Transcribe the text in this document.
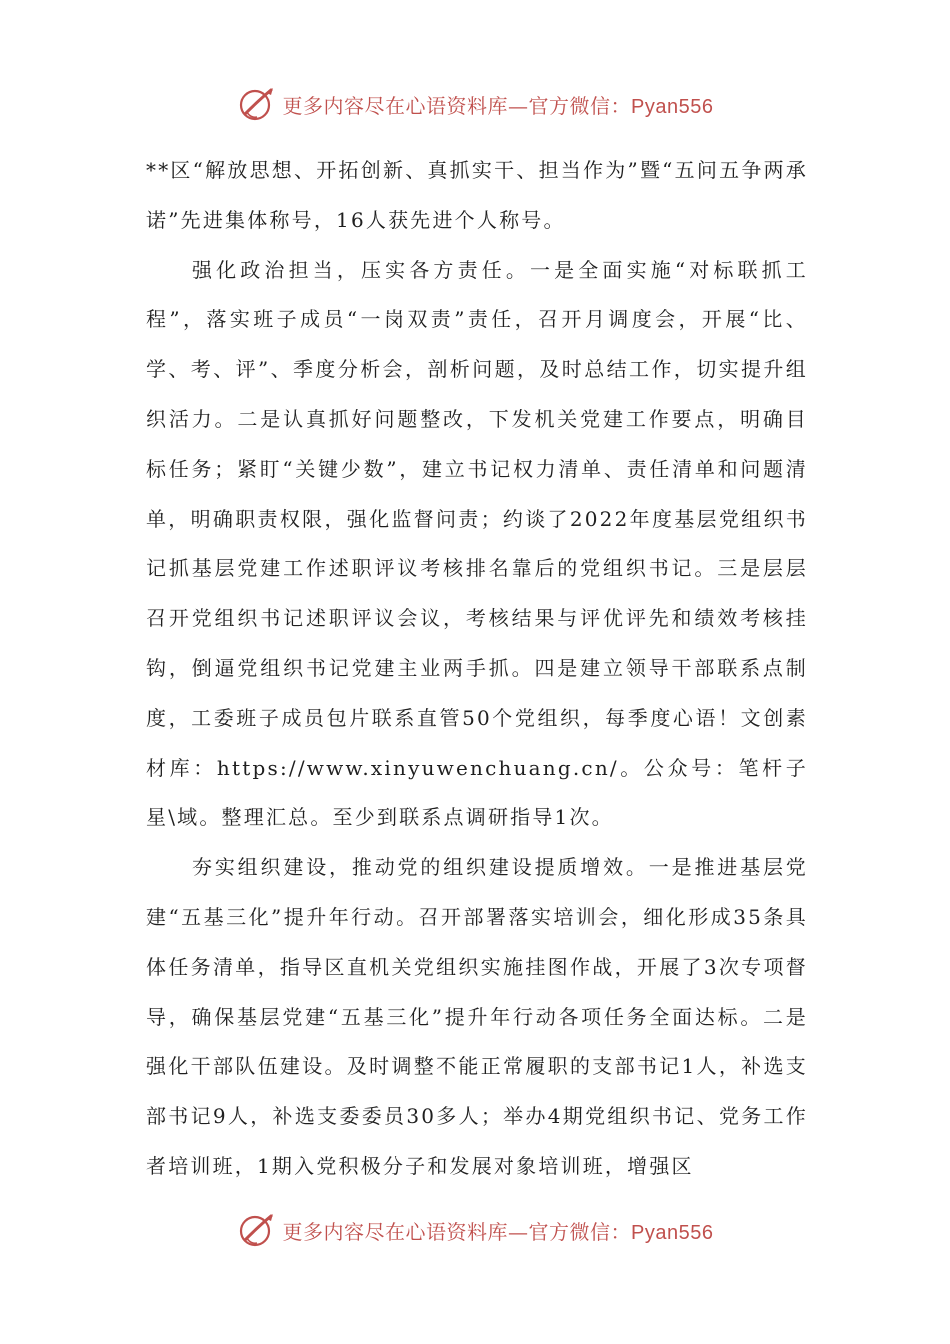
更多内容尽在心语资料库—官方微信：Pyan556

**区“解放思想、开拓创新、真抓实干、担当作为”暨“五问五争两承诺”先进集体称号，16人获先进个人称号。

强化政治担当，压实各方责任。一是全面实施“对标联抓工程”，落实班子成员“一岗双责”责任，召开月调度会，开展“比、学、考、评”、季度分析会，剖析问题，及时总结工作，切实提升组织活力。二是认真抓好问题整改，下发机关党建工作要点，明确目标任务；紧盯“关键少数”，建立书记权力清单、责任清单和问题清单，明确职责权限，强化监督问责；约谈了2022年度基层党组织书记抓基层党建工作述职评议考核排名靠后的党组织书记。三是层层召开党组织书记述职评议会议，考核结果与评优评先和绩效考核挂钩，倒逼党组织书记党建主业两手抓。四是建立领导干部联系点制度，工委班子成员包片联系直管50个党组织，每季度心语！文创素材库：https://www.xinyuwenchuang.cn/。公众号：笔杆子星\域。整理汇总。至少到联系点调研指导1次。

夯实组织建设，推动党的组织建设提质增效。一是推进基层党建“五基三化”提升年行动。召开部署落实培训会，细化形成35条具体任务清单，指导区直机关党组织实施挂图作战，开展了3次专项督导，确保基层党建“五基三化”提升年行动各项任务全面达标。二是强化干部队伍建设。及时调整不能正常履职的支部书记1人，补选支部书记9人，补选支委委员30多人；举办4期党组织书记、党务工作者培训班，1期入党积极分子和发展对象培训班，增强区

更多内容尽在心语资料库—官方微信：Pyan556
